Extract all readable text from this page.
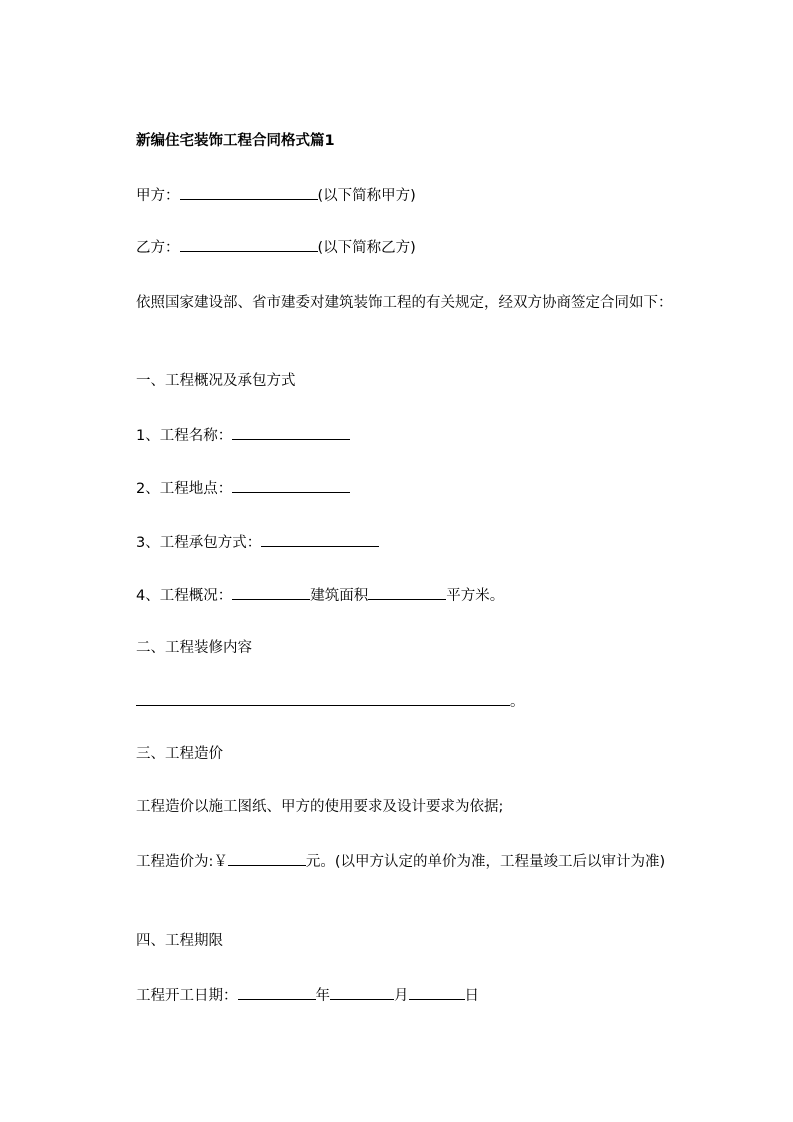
新编住宅装饰工程合同格式篇1
甲方：	(以下简称甲方)
乙方：	(以下简称乙方)
依照国家建设部、省市建委对建筑装饰工程的有关规定，经双方协商签定合同如下：
一、工程概况及承包方式
1、工程名称：
2、工程地点：
3、工程承包方式：
4、工程概况：	建筑面积	平方米。
二、工程装修内容
。
三、工程造价
工程造价以施工图纸、甲方的使用要求及设计要求为依据;
工程造价为:￥	元。(以甲方认定的单价为准，工程量竣工后以审计为准)
四、工程期限
工程开工日期：	年	月	日
